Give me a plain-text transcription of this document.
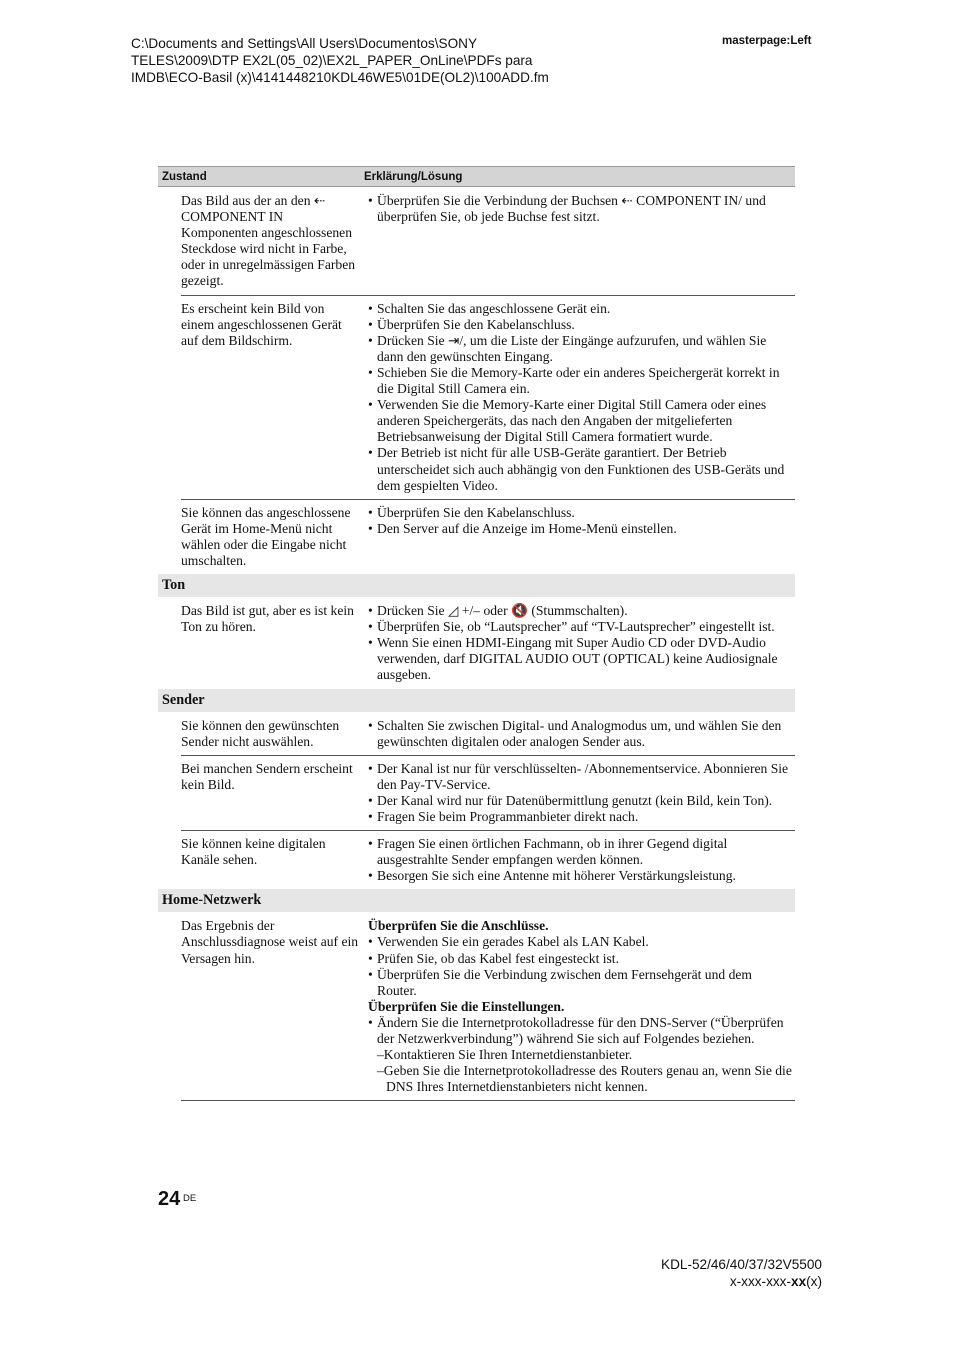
C:\Documents and Settings\All Users\Documentos\SONY
TELES\2009\DTP EX2L(05_02)\EX2L_PAPER_OnLine\PDFs para
IMDB\ECO-Basil (x)\4141448210KDL46WE5\01DE(OL2)\100ADD.fm
masterpage:Left
Zustand	Erklärung/Lösung
Das Bild aus der an den ⇠ COMPONENT IN Komponenten angeschlossenen Steckdose wird nicht in Farbe, oder in unregelmässigen Farben gezeigt.
• Überprüfen Sie die Verbindung der Buchsen ⇠ COMPONENT IN/ und überprüfen Sie, ob jede Buchse fest sitzt.
Es erscheint kein Bild von einem angeschlossenen Gerät auf dem Bildschirm.
• Schalten Sie das angeschlossene Gerät ein.
• Überprüfen Sie den Kabelanschluss.
• Drücken Sie ⇥/, um die Liste der Eingänge aufzurufen, und wählen Sie dann den gewünschten Eingang.
• Schieben Sie die Memory-Karte oder ein anderes Speichergerät korrekt in die Digital Still Camera ein.
• Verwenden Sie die Memory-Karte einer Digital Still Camera oder eines anderen Speichergeräts, das nach den Angaben der mitgelieferten Betriebsanweisung der Digital Still Camera formatiert wurde.
• Der Betrieb ist nicht für alle USB-Geräte garantiert. Der Betrieb unterscheidet sich auch abhängig von den Funktionen des USB-Geräts und dem gespielten Video.
Sie können das angeschlossene Gerät im Home-Menü nicht wählen oder die Eingabe nicht umschalten.
• Überprüfen Sie den Kabelanschluss.
• Den Server auf die Anzeige im Home-Menü einstellen.
Ton
Das Bild ist gut, aber es ist kein Ton zu hören.
• Drücken Sie ◿ +/– oder 🔇 (Stummschalten).
• Überprüfen Sie, ob “Lautsprecher” auf “TV-Lautsprecher” eingestellt ist.
• Wenn Sie einen HDMI-Eingang mit Super Audio CD oder DVD-Audio verwenden, darf DIGITAL AUDIO OUT (OPTICAL) keine Audiosignale ausgeben.
Sender
Sie können den gewünschten Sender nicht auswählen.
• Schalten Sie zwischen Digital- und Analogmodus um, und wählen Sie den gewünschten digitalen oder analogen Sender aus.
Bei manchen Sendern erscheint kein Bild.
• Der Kanal ist nur für verschlüsselten- /Abonnementservice. Abonnieren Sie den Pay-TV-Service.
• Der Kanal wird nur für Datenübermittlung genutzt (kein Bild, kein Ton).
• Fragen Sie beim Programmanbieter direkt nach.
Sie können keine digitalen Kanäle sehen.
• Fragen Sie einen örtlichen Fachmann, ob in ihrer Gegend digital ausgestrahlte Sender empfangen werden können.
• Besorgen Sie sich eine Antenne mit höherer Verstärkungsleistung.
Home-Netzwerk
Das Ergebnis der Anschlussdiagnose weist auf ein Versagen hin.
Überprüfen Sie die Anschlüsse.
• Verwenden Sie ein gerades Kabel als LAN Kabel.
• Prüfen Sie, ob das Kabel fest eingesteckt ist.
• Überprüfen Sie die Verbindung zwischen dem Fernsehgerät und dem Router.
Überprüfen Sie die Einstellungen.
• Ändern Sie die Internetprotokolladresse für den DNS-Server (“Überprüfen der Netzwerkverbindung”) während Sie sich auf Folgendes beziehen.
–Kontaktieren Sie Ihren Internetdienstanbieter.
–Geben Sie die Internetprotokolladresse des Routers genau an, wenn Sie die DNS Ihres Internetdienstanbieters nicht kennen.
24 DE
KDL-52/46/40/37/32V5500
x-xxx-xxx-xx(x)
